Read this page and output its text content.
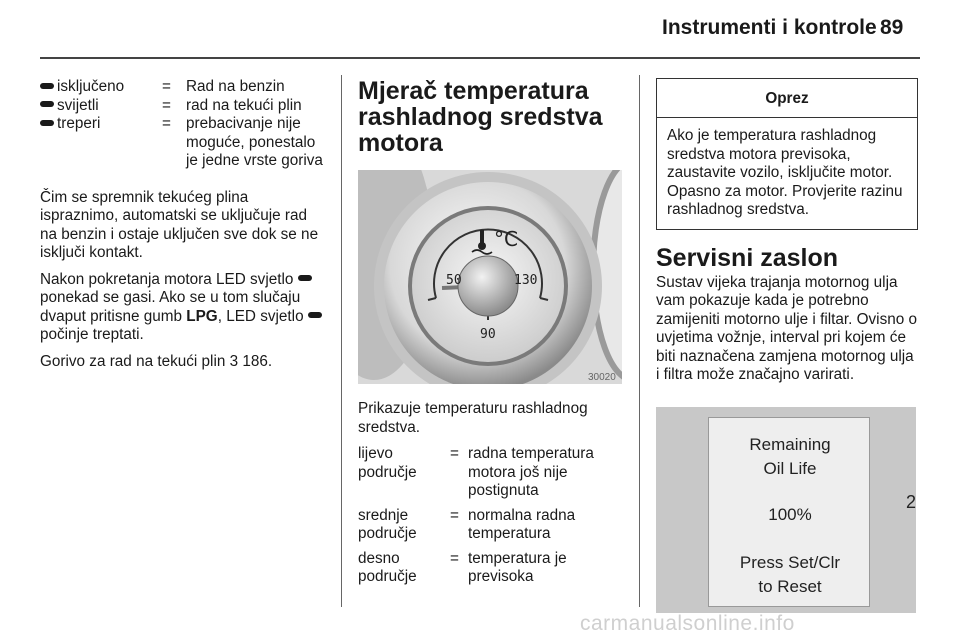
Instrumenti i kontrole 89
isključeno	= Rad na benzin
svijetli	= rad na tekući plin
treperi	= prebacivanje nije moguće, ponestalo je jedne vrste goriva

Čim se spremnik tekućeg plina ispraznimo, automatski se uključuje rad na benzin i ostaje uključen sve dok se ne isključi kontakt.

Nakon pokretanja motora LED svjetlo ponekad se gasi. Ako se u tom slučaju dvaput pritisne gumb LPG, LED svjetlo počinje treptati.

Gorivo za rad na tekući plin 3 186.

Mjerač temperatura rashladnog sredstva motora
°C
50	130
90
30020

Prikazuje temperaturu rashladnog sredstva.

lijevo područje
= radna temperatura motora još nije postignuta
srednje područje
= normalna radna temperatura
desno područje
= temperatura je previsoka
Oprez
Ako je temperatura rashladnog sredstva motora previsoka, zaustavite vozilo, isključite motor. Opasno za motor. Provjerite razinu rashladnog sredstva.
Servisni zaslon

Sustav vijeka trajanja motornog ulja vam pokazuje kada je potrebno zamijeniti motorno ulje i filtar. Ovisno o uvjetima vožnje, interval pri kojem će biti naznačena zamjena motornog ulja i filtra može značajno varirati.

Remaining
Oil Life
100%
Press Set/Clr
to Reset
2
carmanualsonline.info
